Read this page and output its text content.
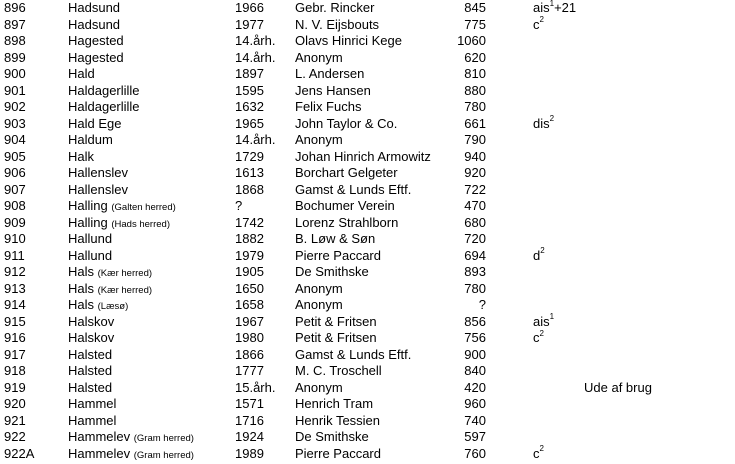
896	Hadsund	1966 Gebr. Rincker	845	ais$^1$+21
897	Hadsund	1977 N. V. Eijsbouts	775	$c^2$
898	Hagested	14.årh. Olavs Hinrici Kege	1060
899	Hagested	14.årh. Anonym	620
900	Hald	1897 L. Andersen	810
901	Haldagerlille	1595 Jens Hansen	880
902	Haldagerlille	1632 Felix Fuchs	780
903	Hald Ege	1965 John Taylor & Co.	661	dis$^2$
904	Haldum	14.årh. Anonym	790
905	Halk	1729 Johan Hinrich Armowitz	940
906	Hallenslev	1613 Borchart Gelgeter	920
907	Hallenslev	1868 Gamst & Lunds Eftf.	722
908	Halling (Galten herred)	?	Bochumer Verein	470
909	Halling (Hads herred)	1742 Lorenz Strahlborn	680
910	Hallund	1882 B. Løw & Søn	720
911	Hallund	1979 Pierre Paccard	694	$d^2$
912	Hals (Kær herred)	1905 De Smithske	893
913	Hals (Kær herred)	1650 Anonym	780
914	Hals (Læsø)	1658 Anonym	?
915	Halskov	1967 Petit & Fritsen	856	ais$^1$
916	Halskov	1980 Petit & Fritsen	756	$c^2$
917	Halsted	1866 Gamst & Lunds Eftf.	900
918	Halsted	1777 M. C. Troschell	840
919	Halsted	15.årh. Anonym	420	Ude af brug
920	Hammel	1571 Henrich Tram	960
921	Hammel	1716 Henrik Tessien	740
922	Hammelev (Gram herred)	1924 De Smithske	597
922A	Hammelev (Gram herred)	1989 Pierre Paccard	760	$c^2$
